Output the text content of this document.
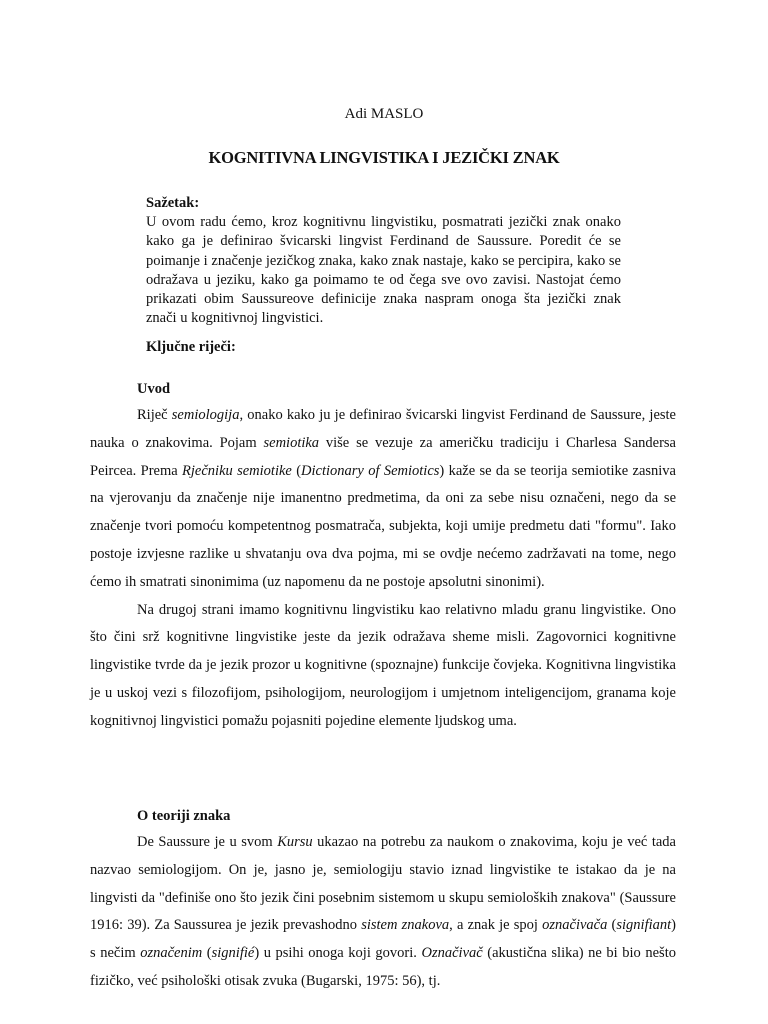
Adi MASLO
KOGNITIVNA LINGVISTIKA I JEZIČKI ZNAK
Sažetak:
U ovom radu ćemo, kroz kognitivnu lingvistiku, posmatrati jezički znak onako kako ga je definirao švicarski lingvist Ferdinand de Saussure. Poredit će se poimanje i značenje jezičkog znaka, kako znak nastaje, kako se percipira, kako se odražava u jeziku, kako ga poimamo te od čega sve ovo zavisi. Nastojat ćemo prikazati obim Saussureove definicije znaka naspram onoga šta jezički znak znači u kognitivnoj lingvistici.
Ključne riječi:
Uvod

Riječ semiologija, onako kako ju je definirao švicarski lingvist Ferdinand de Saussure, jeste nauka o znakovima. Pojam semiotika više se vezuje za američku tradiciju i Charlesa Sandersa Peircea. Prema Rječniku semiotike (Dictionary of Semiotics) kaže se da se teorija semiotike zasniva na vjerovanju da značenje nije imanentno predmetima, da oni za sebe nisu označeni, nego da se značenje tvori pomoću kompetentnog posmatrača, subjekta, koji umije predmetu dati "formu". Iako postoje izvjesne razlike u shvatanju ova dva pojma, mi se ovdje nećemo zadržavati na tome, nego ćemo ih smatrati sinonimima (uz napomenu da ne postoje apsolutni sinonimi).

Na drugoj strani imamo kognitivnu lingvistiku kao relativno mladu granu lingvistike. Ono što čini srž kognitivne lingvistike jeste da jezik odražava sheme misli. Zagovornici kognitivne lingvistike tvrde da je jezik prozor u kognitivne (spoznajne) funkcije čovjeka. Kognitivna lingvistika je u uskoj vezi s filozofijom, psihologijom, neurologijom i umjetnom inteligencijom, granama koje kognitivnoj lingvistici pomažu pojasniti pojedine elemente ljudskog uma.

O teoriji znaka

De Saussure je u svom Kursu ukazao na potrebu za naukom o znakovima, koju je već tada nazvao semiologijom. On je, jasno je, semiologiju stavio iznad lingvistike te istakao da je na lingvisti da "definiše ono što jezik čini posebnim sistemom u skupu semioloških znakova" (Saussure 1916: 39). Za Saussurea je jezik prevashodno sistem znakova, a znak je spoj označivača (signifiant) s nečim označenim (signifié) u psihi onoga koji govori. Označivač (akustična slika) ne bi bio nešto fizičko, već psihološki otisak zvuka (Bugarski, 1975: 56), tj.
